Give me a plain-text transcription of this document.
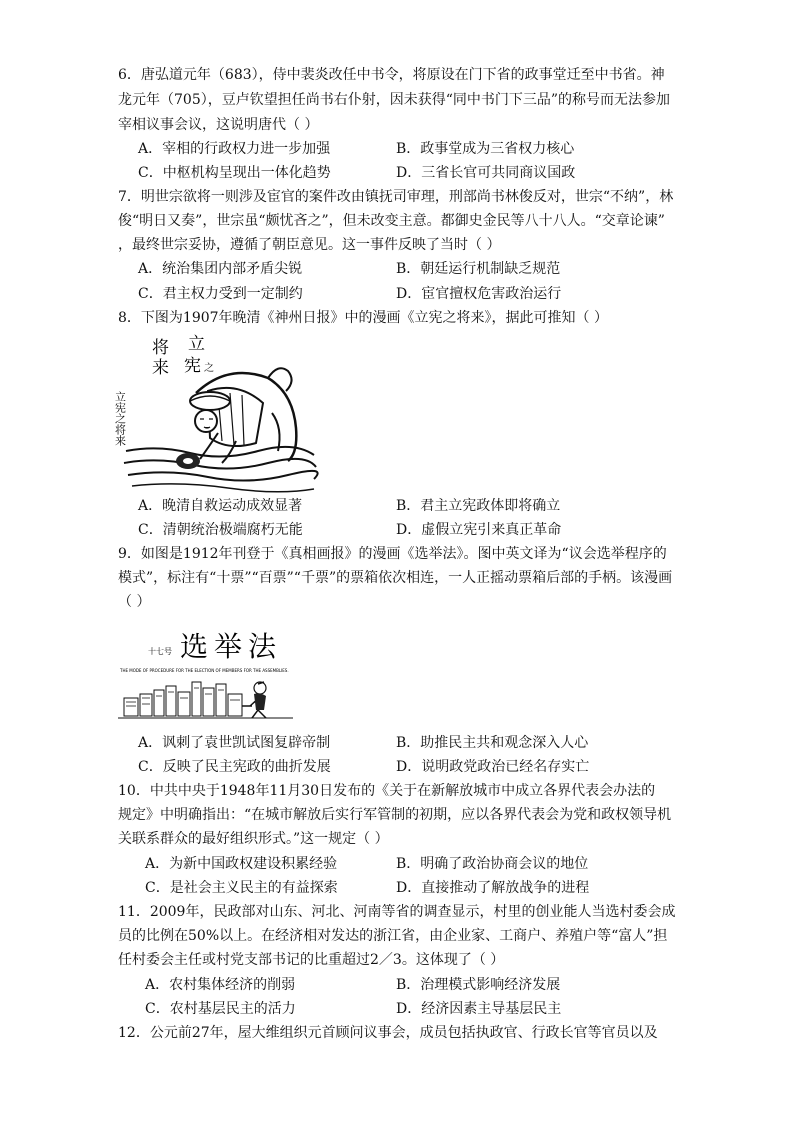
6．唐弘道元年（683），侍中裴炎改任中书令，将原设在门下省的政事堂迁至中书省。神
龙元年（705），豆卢钦望担任尚书右仆射，因未获得“同中书门下三品”的称号而无法参加
宰相议事会议，这说明唐代（ ）
A．宰相的行政权力进一步加强	B．政事堂成为三省权力核心
C．中枢机构呈现出一体化趋势	D．三省长官可共同商议国政
7．明世宗欲将一则涉及宦官的案件改由镇抚司审理，刑部尚书林俊反对，世宗“不纳”，林
俊“明日又奏”，世宗虽“颇忧吝之”，但未改变主意。都御史金民等八十八人。“交章论谏”
，最终世宗妥协，遵循了朝臣意见。这一事件反映了当时（ ）
A．统治集团内部矛盾尖锐	B．朝廷运行机制缺乏规范
C．君主权力受到一定制约	D．宦官擅权危害政治运行
8．下图为1907年晚清《神州日报》中的漫画《立宪之将来》，据此可推知（ ）
立
宪 之
将
来
立宪之将来
A．晚清自救运动成效显著	B．君主立宪政体即将确立
C．清朝统治极端腐朽无能	D．虚假立宪引来真正革命
9．如图是1912年刊登于《真相画报》的漫画《选举法》。图中英文译为“议会选举程序的
模式”，标注有“十票”“百票”“千票”的票箱依次相连，一人正摇动票箱后部的手柄。该漫画
（ ）
十七号 选举法
THE MODE OF PROCEDURE FOR THE ELECTION OF MEMBERS FOR THE ASSEMBLIES.
A．讽刺了袁世凯试图复辟帝制	B．助推民主共和观念深入人心
C．反映了民主宪政的曲折发展	D．说明政党政治已经名存实亡
10．中共中央于1948年11月30日发布的《关于在新解放城市中成立各界代表会办法的
规定》中明确指出：“在城市解放后实行军管制的初期，应以各界代表会为党和政权领导机
关联系群众的最好组织形式。”这一规定（ ）
A．为新中国政权建设积累经验	B．明确了政治协商会议的地位
C．是社会主义民主的有益探索	D．直接推动了解放战争的进程
11．2009年，民政部对山东、河北、河南等省的调查显示，村里的创业能人当选村委会成
员的比例在50%以上。在经济相对发达的浙江省，由企业家、工商户、养殖户等“富人”担
任村委会主任或村党支部书记的比重超过2／3。这体现了（ ）
A．农村集体经济的削弱	B．治理模式影响经济发展
C．农村基层民主的活力	D．经济因素主导基层民主
12．公元前27年，屋大维组织元首顾问议事会，成员包括执政官、行政长官等官员以及
